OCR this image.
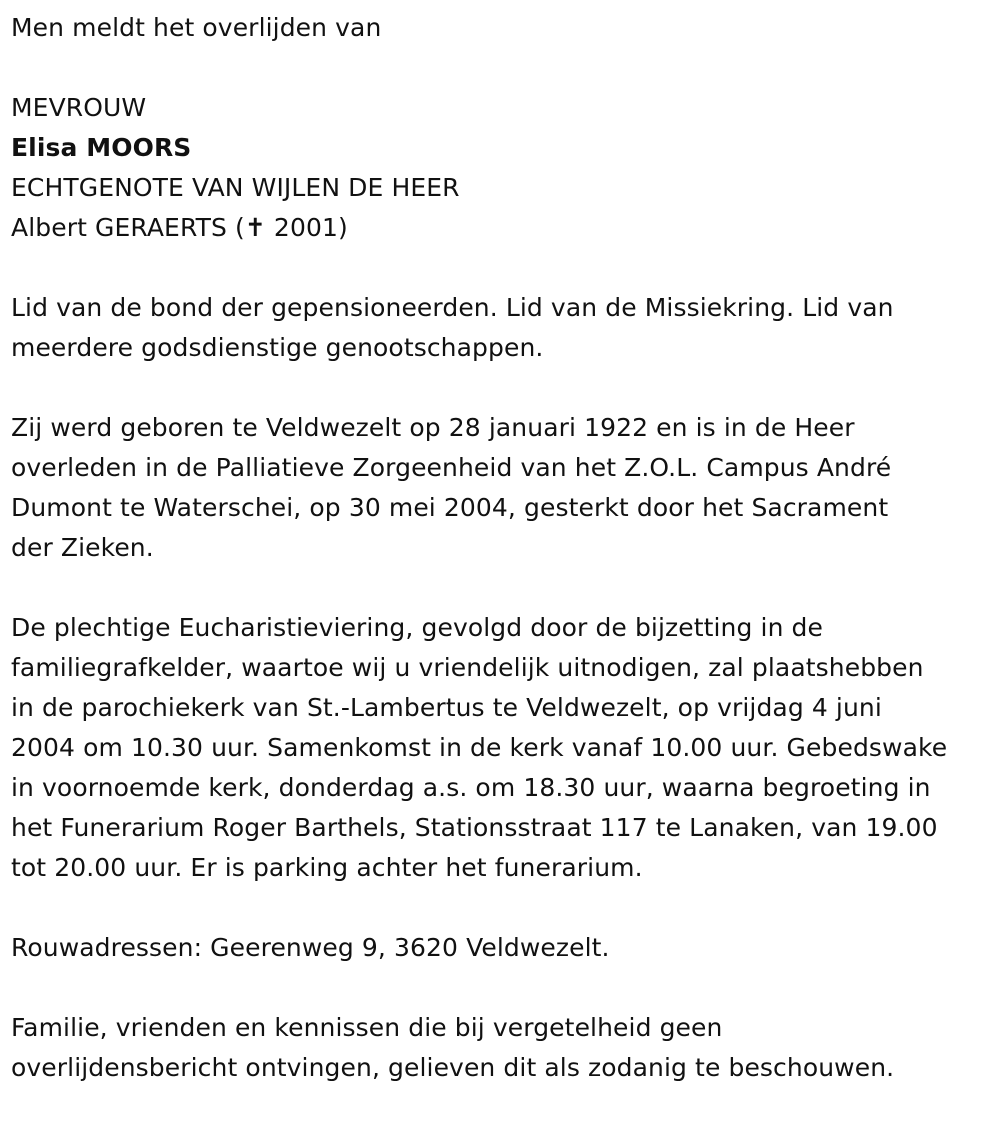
Men meldt het overlijden van
MEVROUW
Elisa MOORS
ECHTGENOTE VAN WIJLEN DE HEER
Albert GERAERTS (✝ 2001)
Lid van de bond der gepensioneerden. Lid van de Missiekring. Lid van
meerdere godsdienstige genootschappen.
Zij werd geboren te Veldwezelt op 28 januari 1922 en is in de Heer
overleden in de Palliatieve Zorgeenheid van het Z.O.L. Campus André
Dumont te Waterschei, op 30 mei 2004, gesterkt door het Sacrament
der Zieken.
De plechtige Eucharistieviering, gevolgd door de bijzetting in de
familiegrafkelder, waartoe wij u vriendelijk uitnodigen, zal plaatshebben
in de parochiekerk van St.-Lambertus te Veldwezelt, op vrijdag 4 juni
2004 om 10.30 uur. Samenkomst in de kerk vanaf 10.00 uur. Gebedswake
in voornoemde kerk, donderdag a.s. om 18.30 uur, waarna begroeting in
het Funerarium Roger Barthels, Stationsstraat 117 te Lanaken, van 19.00
tot 20.00 uur. Er is parking achter het funerarium.
Rouwadressen: Geerenweg 9, 3620 Veldwezelt.
Familie, vrienden en kennissen die bij vergetelheid geen
overlijdensbericht ontvingen, gelieven dit als zodanig te beschouwen.
